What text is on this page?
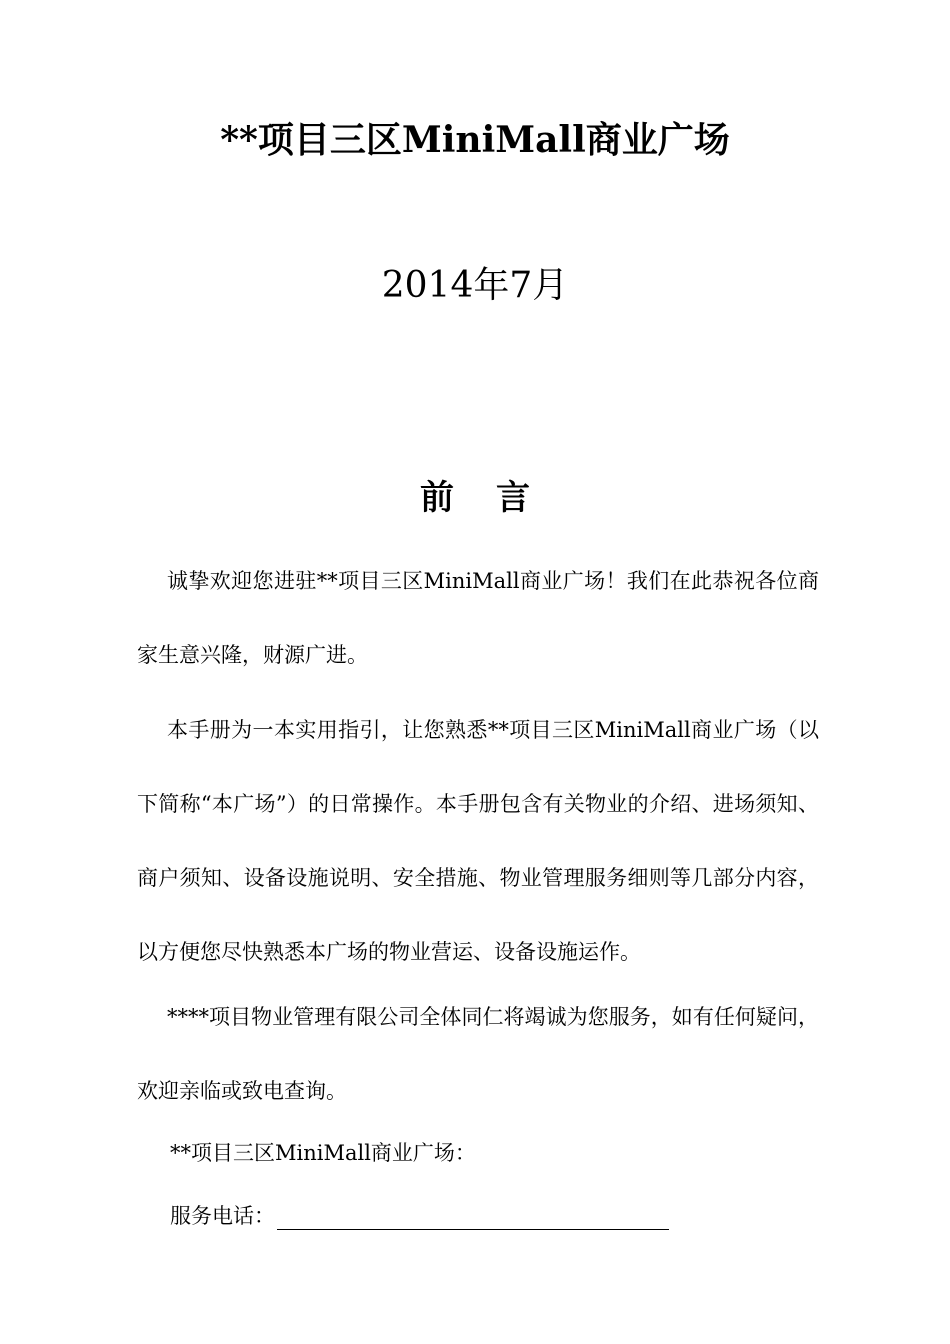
**项目三区MiniMall商业广场
2014年7月
前言

诚挚欢迎您进驻**项目三区MiniMall商业广场！我们在此恭祝各位商家生意兴隆，财源广进。

本手册为一本实用指引，让您熟悉**项目三区MiniMall商业广场（以下简称“本广场”）的日常操作。本手册包含有关物业的介绍、进场须知、商户须知、设备设施说明、安全措施、物业管理服务细则等几部分内容，以方便您尽快熟悉本广场的物业营运、设备设施运作。

****项目物业管理有限公司全体同仁将竭诚为您服务，如有任何疑问，欢迎亲临或致电查询。

**项目三区MiniMall商业广场：
服务电话：
